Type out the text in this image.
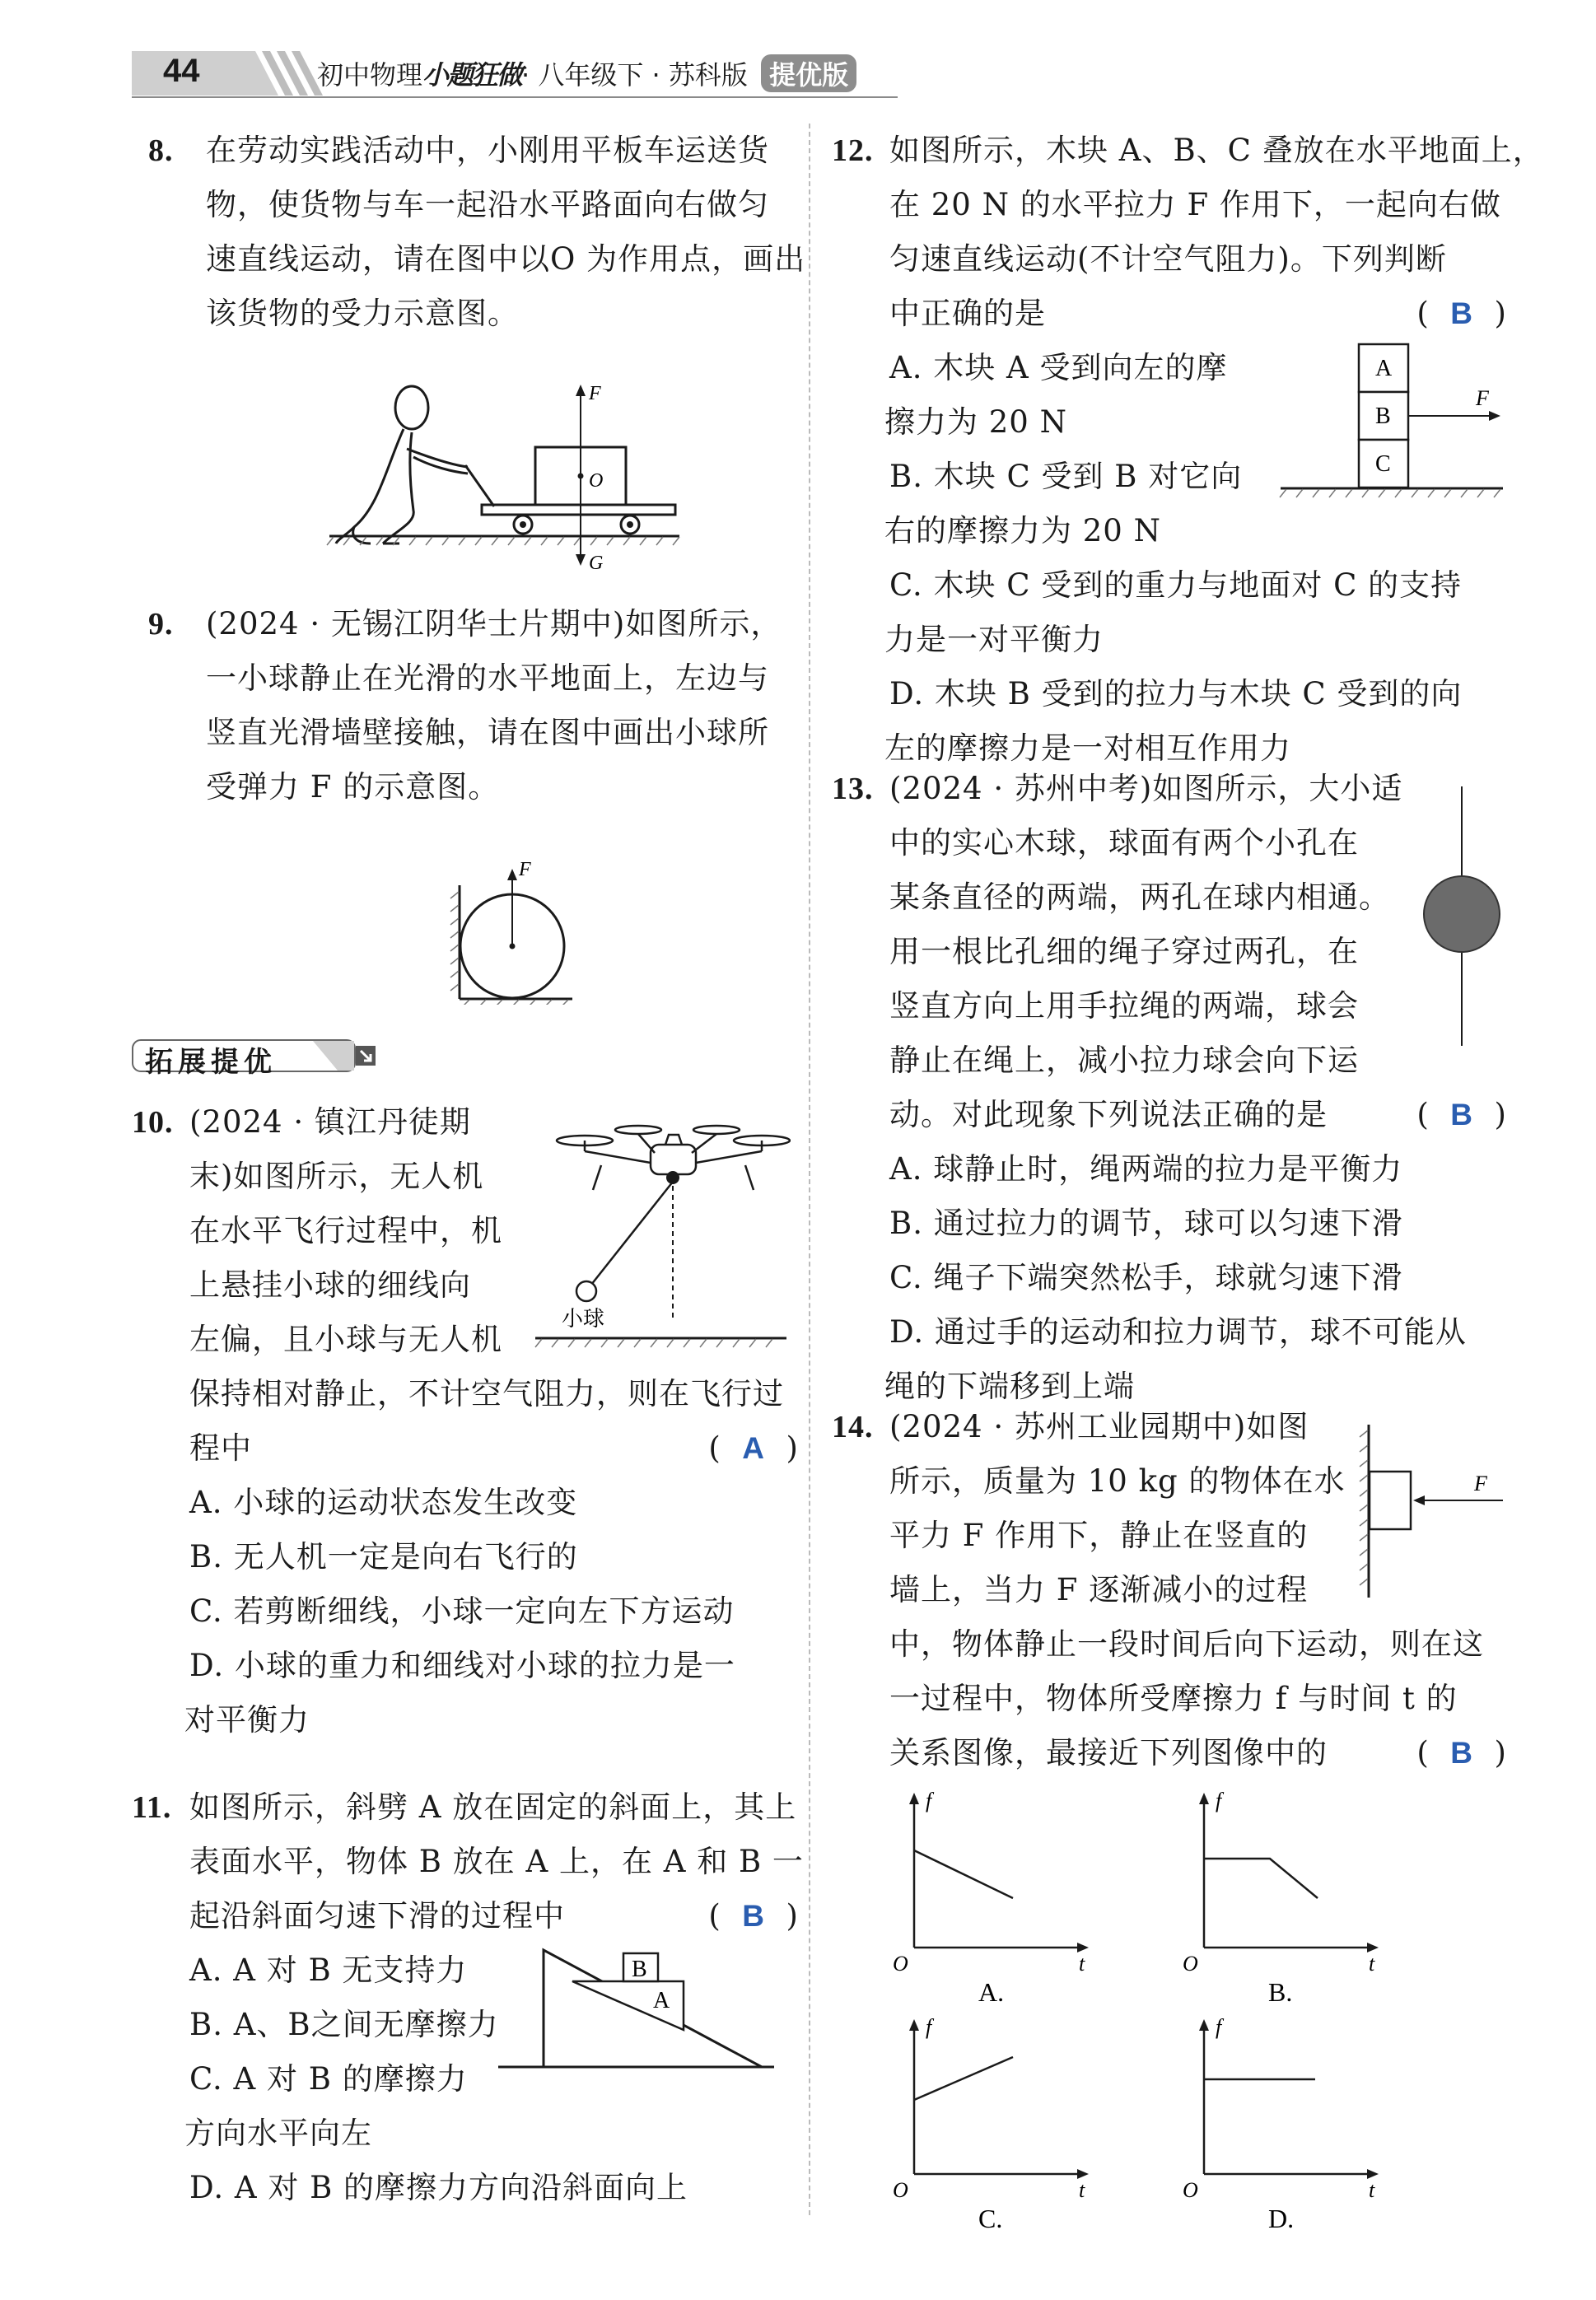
44	初中物理小题狂做· 八年级下 · 苏科版 提优版
8. 在劳动实践活动中，小刚用平板车运送货
物，使货物与车一起沿水平路面向右做匀
速直线运动，请在图中以O 为作用点，画出
该货物的受力示意图。
F
O
G
9. (2024 · 无锡江阴华士片期中)如图所示，
一小球静止在光滑的水平地面上，左边与
竖直光滑墙壁接触，请在图中画出小球所
受弹力 F 的示意图。
F
拓展提优
10. (2024 · 镇江丹徒期
末)如图所示，无人机
在水平飞行过程中，机
上悬挂小球的细线向
左偏，且小球与无人机
保持相对静止，不计空气阻力，则在飞行过
程中	(  A  )
A. 小球的运动状态发生改变
B. 无人机一定是向右飞行的
C. 若剪断细线，小球一定向左下方运动
D. 小球的重力和细线对小球的拉力是一
对平衡力
小球
11. 如图所示，斜劈 A 放在固定的斜面上，其上
表面水平，物体 B 放在 A 上，在 A 和 B 一
起沿斜面匀速下滑的过程中	(  B  )
A. A 对 B 无支持力
B. A、B之间无摩擦力
C. A 对 B 的摩擦力
方向水平向左
D. A 对 B 的摩擦力方向沿斜面向上
B
A
12. 如图所示，木块 A、B、C 叠放在水平地面上，
在 20 N 的水平拉力 F 作用下，一起向右做
匀速直线运动(不计空气阻力)。下列判断
中正确的是	(  B  )
A. 木块 A 受到向左的摩
擦力为 20 N
B. 木块 C 受到 B 对它向
右的摩擦力为 20 N
C. 木块 C 受到的重力与地面对 C 的支持
力是一对平衡力
D. 木块 B 受到的拉力与木块 C 受到的向
左的摩擦力是一对相互作用力
A
B
C
F
13. (2024 · 苏州中考)如图所示，大小适
中的实心木球，球面有两个小孔在
某条直径的两端，两孔在球内相通。
用一根比孔细的绳子穿过两孔，在
竖直方向上用手拉绳的两端，球会
静止在绳上，减小拉力球会向下运
动。对此现象下列说法正确的是	(  B  )
A. 球静止时，绳两端的拉力是平衡力
B. 通过拉力的调节，球可以匀速下滑
C. 绳子下端突然松手，球就匀速下滑
D. 通过手的运动和拉力调节，球不可能从
绳的下端移到上端
14. (2024 · 苏州工业园期中)如图
所示，质量为 10 kg 的物体在水
平力 F 作用下，静止在竖直的
墙上，当力 F 逐渐减小的过程
中，物体静止一段时间后向下运动，则在这
一过程中，物体所受摩擦力 f 与时间 t 的
关系图像，最接近下列图像中的	(  B  )
F
f
O	t
A.
f
O	t
B.
f
O	t
C.
f
O	t
D.
